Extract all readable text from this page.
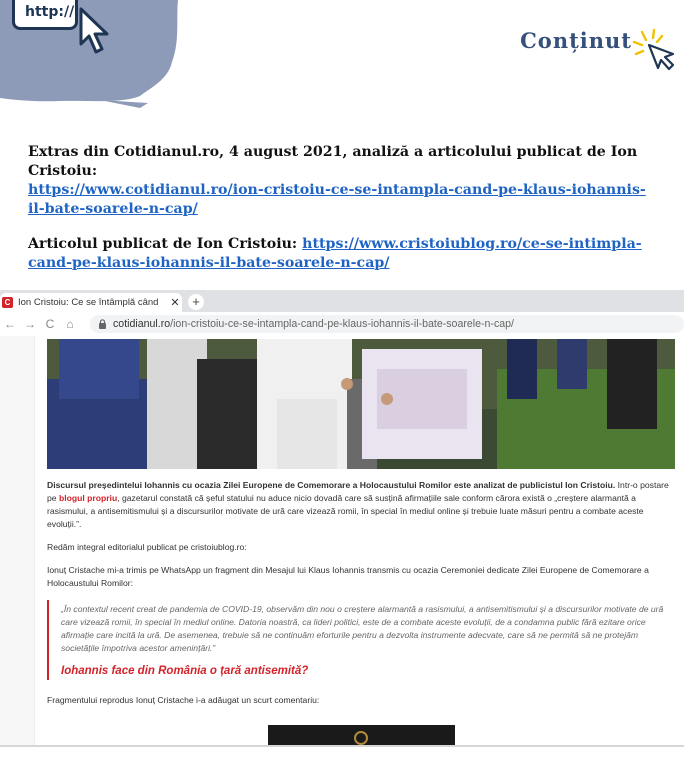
http://
Conținut

Extras din Cotidianul.ro, 4 august 2021, analiză a articolului publicat de Ion Cristoiu:
https://www.cotidianul.ro/ion-cristoiu-ce-se-intampla-cand-pe-klaus-iohannis-il-bate-soarele-n-cap/

Articolul publicat de Ion Cristoiu: https://www.cristoiublog.ro/ce-se-intimpla-cand-pe-klaus-iohannis-il-bate-soarele-n-cap/

C Ion Cristoiu: Ce se întâmplă când	✕ +
← → C	⌂	cotidianul.ro /ion-cristoiu-ce-se-intampla-cand-pe-klaus-iohannis-il-bate-soarele-n-cap/

Discursul președintelui Iohannis cu ocazia Zilei Europene de Comemorare a Holocaustului Romilor este analizat de publicistul Ion Cristoiu. Intr-o postare pe blogul propriu, gazetarul constată că șeful statului nu aduce nicio dovadă care să susțină afirmațiile sale conform cărora există o „creștere alarmantă a rasismului, a antisemitismului și a discursurilor motivate de ură care vizează romii, în special în mediul online și trebuie luate măsuri pentru a combate aceste evoluții.”.

Redăm integral editorialul publicat pe cristoiublog.ro:

Ionuț Cristache mi-a trimis pe WhatsApp un fragment din Mesajul lui Klaus Iohannis transmis cu ocazia Ceremoniei dedicate Zilei Europene de Comemorare a Holocaustului Romilor:

„În contextul recent creat de pandemia de COVID-19, observăm din nou o creștere alarmantă a rasismului, a antisemitismului și a discursurilor motivate de ură care vizează romii, în special în mediul online. Datoria noastră, ca lideri politici, este de a combate aceste evoluții, de a condamna public fără ezitare orice afirmație care incită la ură. De asemenea, trebuie să ne continuăm eforturile pentru a dezvolta instrumente adecvate, care să ne permită să ne protejăm societățile împotriva acestor amenințări.”
Iohannis face din România o țară antisemită?

Fragmentului reprodus Ionuț Cristache i-a adăugat un scurt comentariu:
